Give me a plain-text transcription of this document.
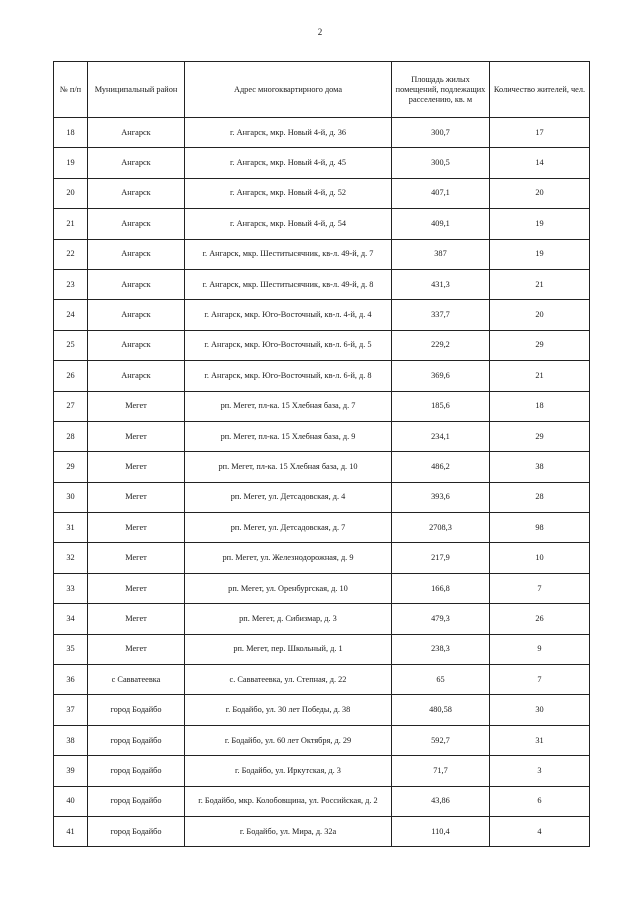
2
№ п/п	Муниципальный район	Адрес многоквартирного дома	Площадь жилых помещений, подлежащих расселению, кв. м	Количество жителей, чел.
18	Ангарск	г. Ангарск, мкр. Новый 4-й, д. 36	300,7	17
19	Ангарск	г. Ангарск, мкр. Новый 4-й, д. 45	300,5	14
20	Ангарск	г. Ангарск, мкр. Новый 4-й, д. 52	407,1	20
21	Ангарск	г. Ангарск, мкр. Новый 4-й, д. 54	409,1	19
22	Ангарск	г. Ангарск, мкр. Шеститысячник, кв-л. 49-й, д. 7	387	19
23	Ангарск	г. Ангарск, мкр. Шеститысячник, кв-л. 49-й, д. 8	431,3	21
24	Ангарск	г. Ангарск, мкр. Юго-Восточный, кв-л. 4-й, д. 4	337,7	20
25	Ангарск	г. Ангарск, мкр. Юго-Восточный, кв-л. 6-й, д. 5	229,2	29
26	Ангарск	г. Ангарск, мкр. Юго-Восточный, кв-л. 6-й, д. 8	369,6	21
27	Мегет	рп. Мегет, пл-ка. 15 Хлебная база, д. 7	185,6	18
28	Мегет	рп. Мегет, пл-ка. 15 Хлебная база, д. 9	234,1	29
29	Мегет	рп. Мегет, пл-ка. 15 Хлебная база, д. 10	486,2	38
30	Мегет	рп. Мегет, ул. Детсадовская, д. 4	393,6	28
31	Мегет	рп. Мегет, ул. Детсадовская, д. 7	2708,3	98
32	Мегет	рп. Мегет, ул. Железнодорожная, д. 9	217,9	10
33	Мегет	рп. Мегет, ул. Оренбургская, д. 10	166,8	7
34	Мегет	рп. Мегет, д. Сибизмар, д. 3	479,3	26
35	Мегет	рп. Мегет, пер. Школьный, д. 1	238,3	9
36	с Савватеевка	с. Савватеевка, ул. Степная, д. 22	65	7
37	город Бодайбо	г. Бодайбо, ул. 30 лет Победы, д. 38	480,58	30
38	город Бодайбо	г. Бодайбо, ул. 60 лет Октября, д. 29	592,7	31
39	город Бодайбо	г. Бодайбо, ул. Иркутская, д. 3	71,7	3
40	город Бодайбо	г. Бодайбо, мкр. Колобовщина, ул. Российская, д. 2	43,86	6
41	город Бодайбо	г. Бодайбо, ул. Мира, д. 32а	110,4	4
